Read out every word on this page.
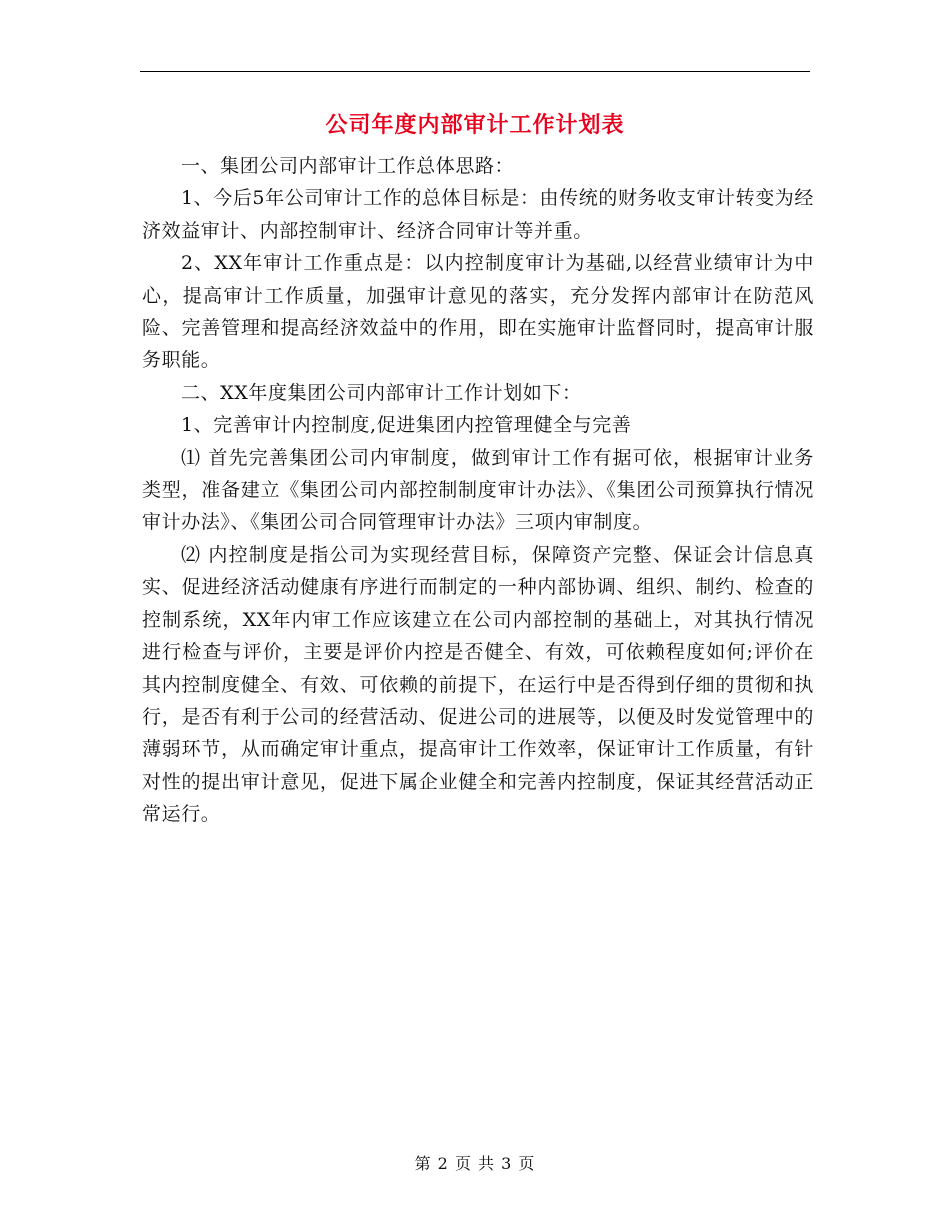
公司年度内部审计工作计划表

一、集团公司内部审计工作总体思路：

1、今后5年公司审计工作的总体目标是：由传统的财务收支审计转变为经济效益审计、内部控制审计、经济合同审计等并重。

2、XX年审计工作重点是：以内控制度审计为基础,以经营业绩审计为中心，提高审计工作质量，加强审计意见的落实，充分发挥内部审计在防范风险、完善管理和提高经济效益中的作用，即在实施审计监督同时，提高审计服务职能。

二、XX年度集团公司内部审计工作计划如下：

1、完善审计内控制度,促进集团内控管理健全与完善

⑴ 首先完善集团公司内审制度，做到审计工作有据可依，根据审计业务类型，准备建立《集团公司内部控制制度审计办法》、《集团公司预算执行情况审计办法》、《集团公司合同管理审计办法》三项内审制度。

⑵ 内控制度是指公司为实现经营目标，保障资产完整、保证会计信息真实、促进经济活动健康有序进行而制定的一种内部协调、组织、制约、检查的控制系统，XX年内审工作应该建立在公司内部控制的基础上，对其执行情况进行检查与评价，主要是评价内控是否健全、有效，可依赖程度如何;评价在其内控制度健全、有效、可依赖的前提下，在运行中是否得到仔细的贯彻和执行，是否有利于公司的经营活动、促进公司的进展等，以便及时发觉管理中的薄弱环节，从而确定审计重点，提高审计工作效率，保证审计工作质量，有针对性的提出审计意见，促进下属企业健全和完善内控制度，保证其经营活动正常运行。

第 2 页 共 3 页
